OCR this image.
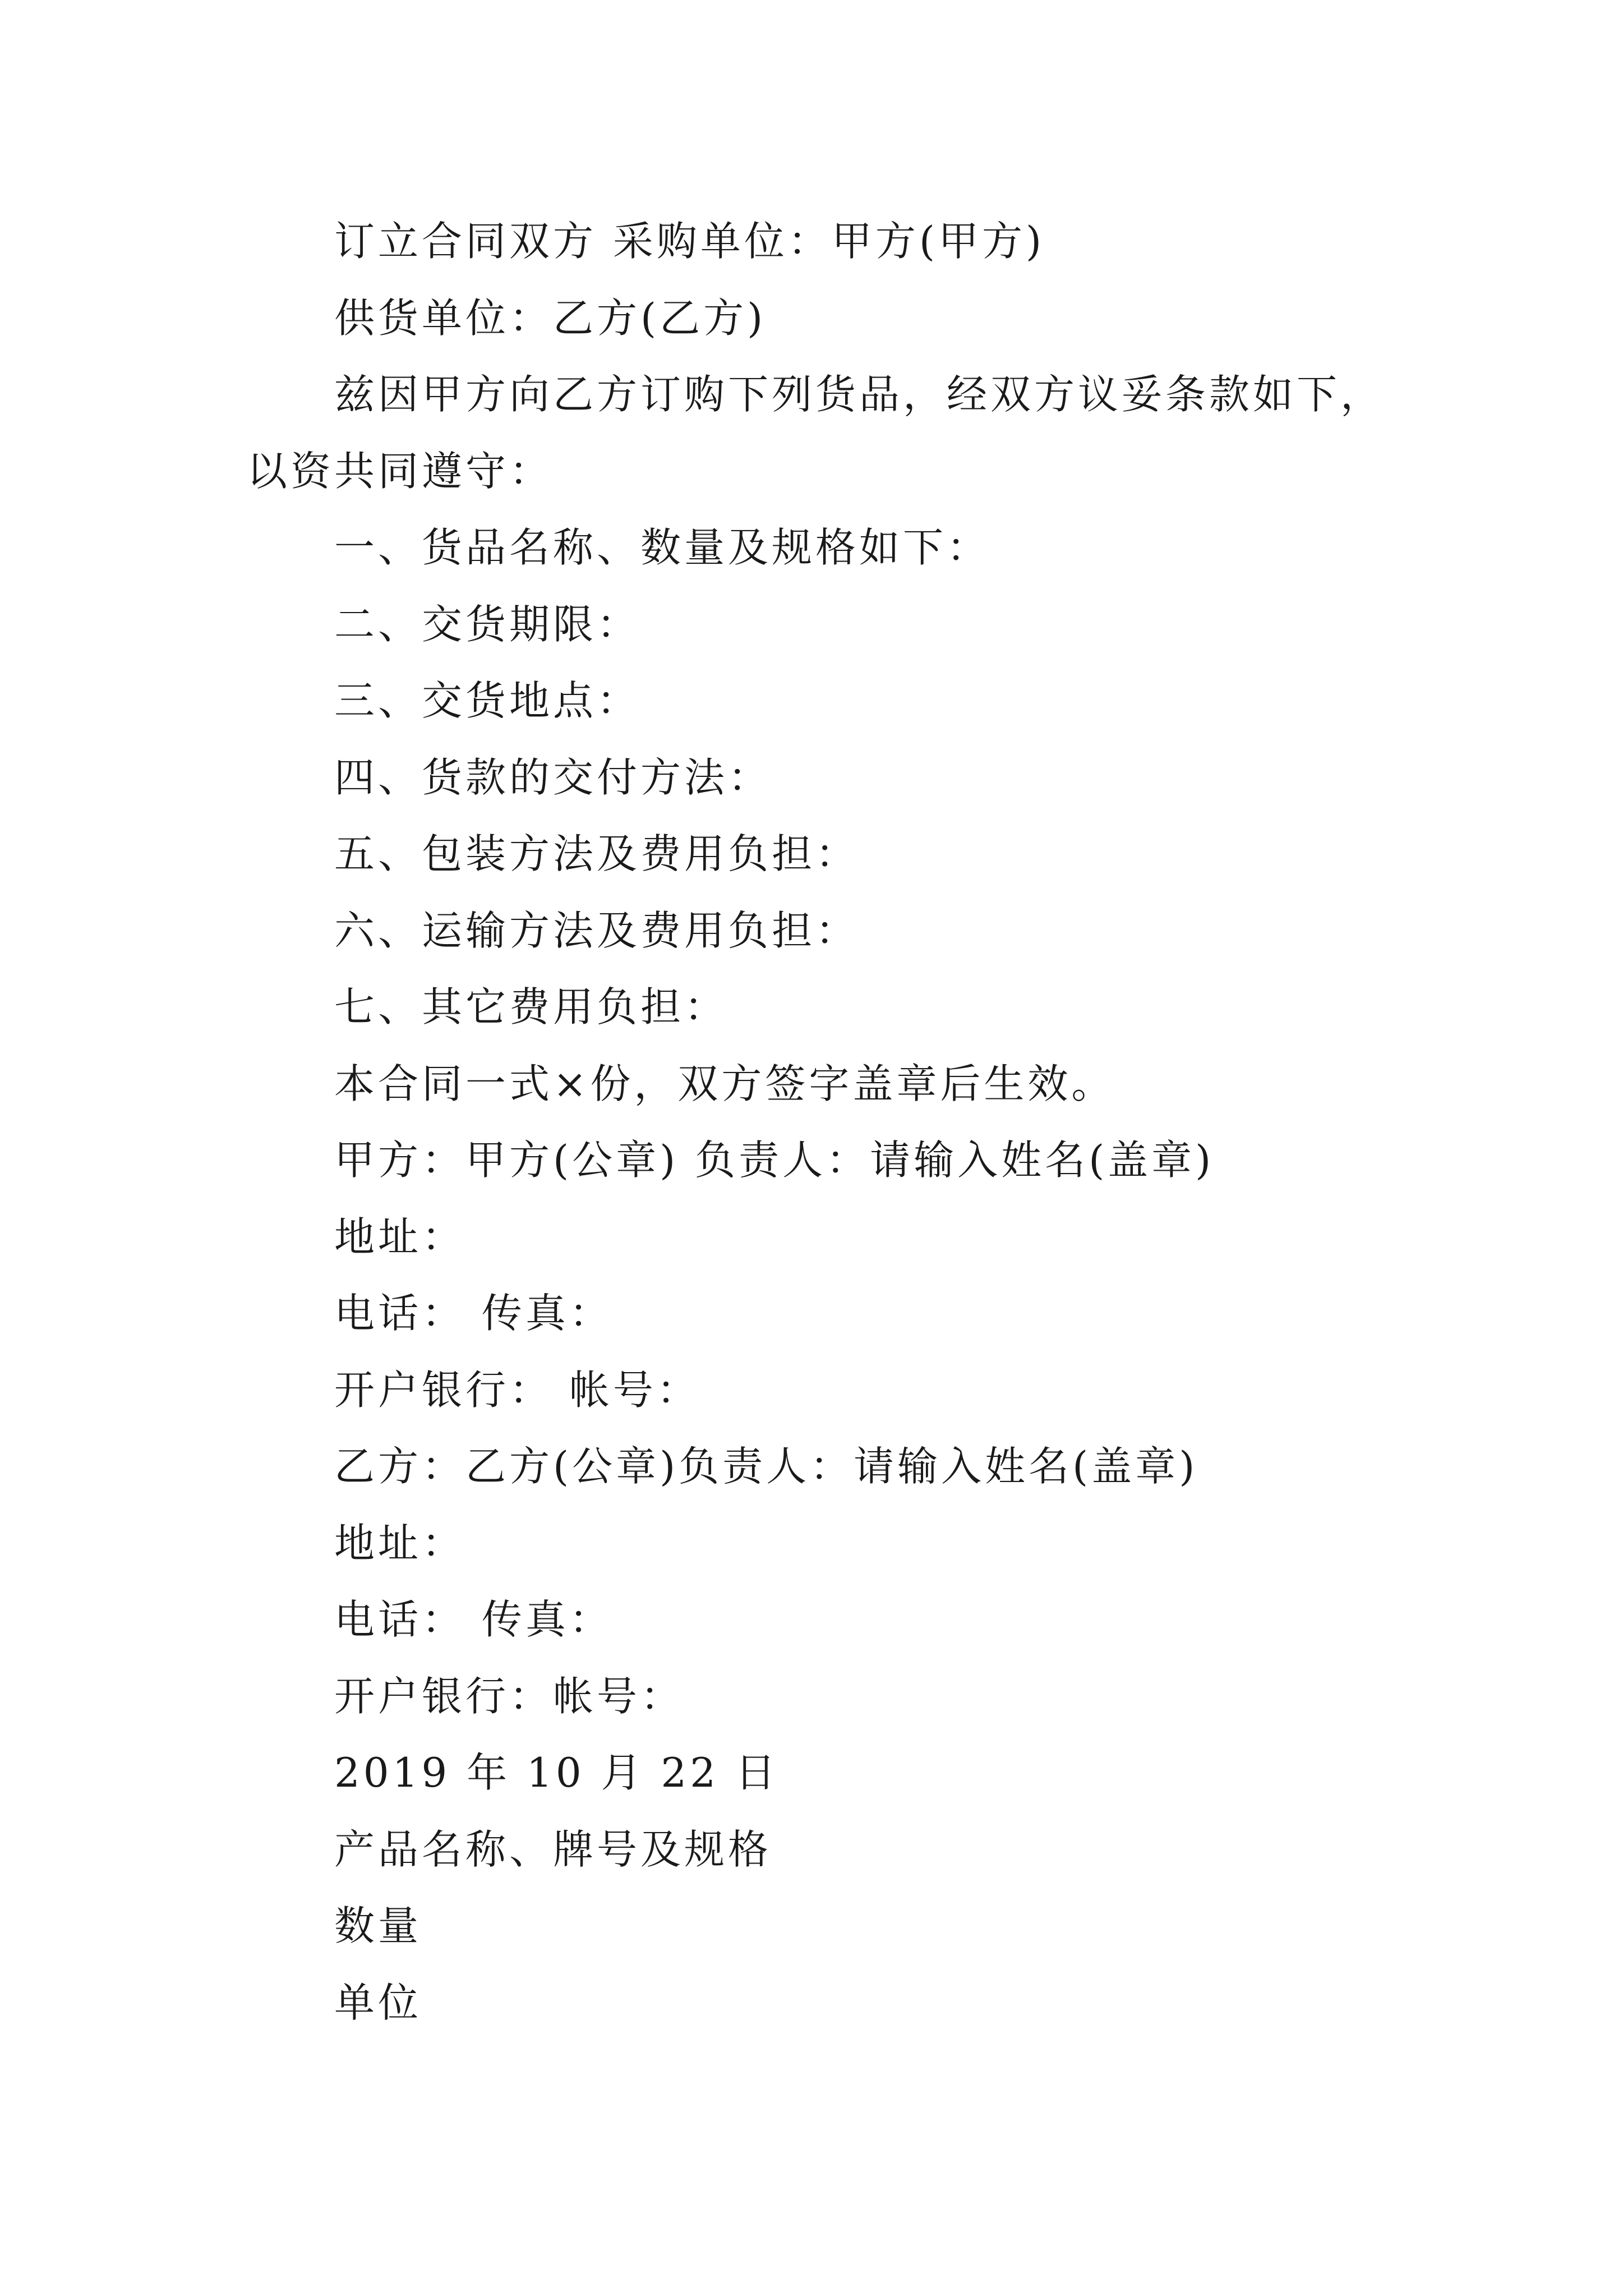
订立合同双方 采购单位：甲方(甲方)
供货单位：乙方(乙方)
兹因甲方向乙方订购下列货品，经双方议妥条款如下，
以资共同遵守：
一、货品名称、数量及规格如下：
二、交货期限：
三、交货地点：
四、货款的交付方法：
五、包装方法及费用负担：
六、运输方法及费用负担：
七、其它费用负担：
本合同一式×份，双方签字盖章后生效。
甲方：甲方(公章) 负责人：请输入姓名(盖章)
地址：
电话： 传真：
开户银行： 帐号：
乙方：乙方(公章)负责人：请输入姓名(盖章)
地址：
电话： 传真：
开户银行：帐号：
2019 年 10 月 22 日
产品名称、牌号及规格
数量
单位
